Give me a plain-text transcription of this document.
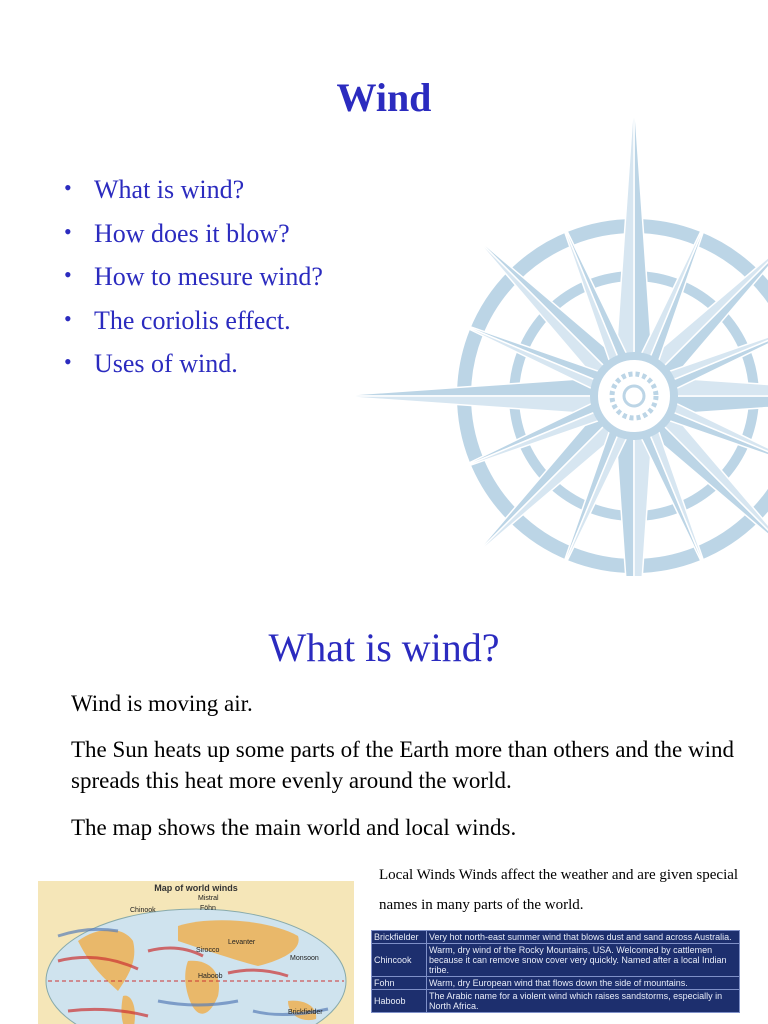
Wind
• What is wind?
• How does it blow?
• How to mesure wind?
• The coriolis effect.
• Uses of wind.
What is wind?

Wind is moving air.

The Sun heats up some parts of the Earth more than others and the wind spreads this heat more evenly around the world.

The map shows the main world and local winds.

Local Winds Winds affect the weather and are given special names in many parts of the world.

Map of world winds
Chinook
Mistral
Föhn
Sirocco
Levanter
Haboob
Monsoon
Brickfielder
Brickfielder	Very hot north-east summer wind that blows dust and sand across Australia.
Chincook	Warm, dry wind of the Rocky Mountains, USA. Welcomed by cattlemen because it can remove snow cover very quickly. Named after a local Indian tribe.
Fohn	Warm, dry European wind that flows down the side of mountains.
Haboob	The Arabic name for a violent wind which raises sandstorms, especially in North Africa.
